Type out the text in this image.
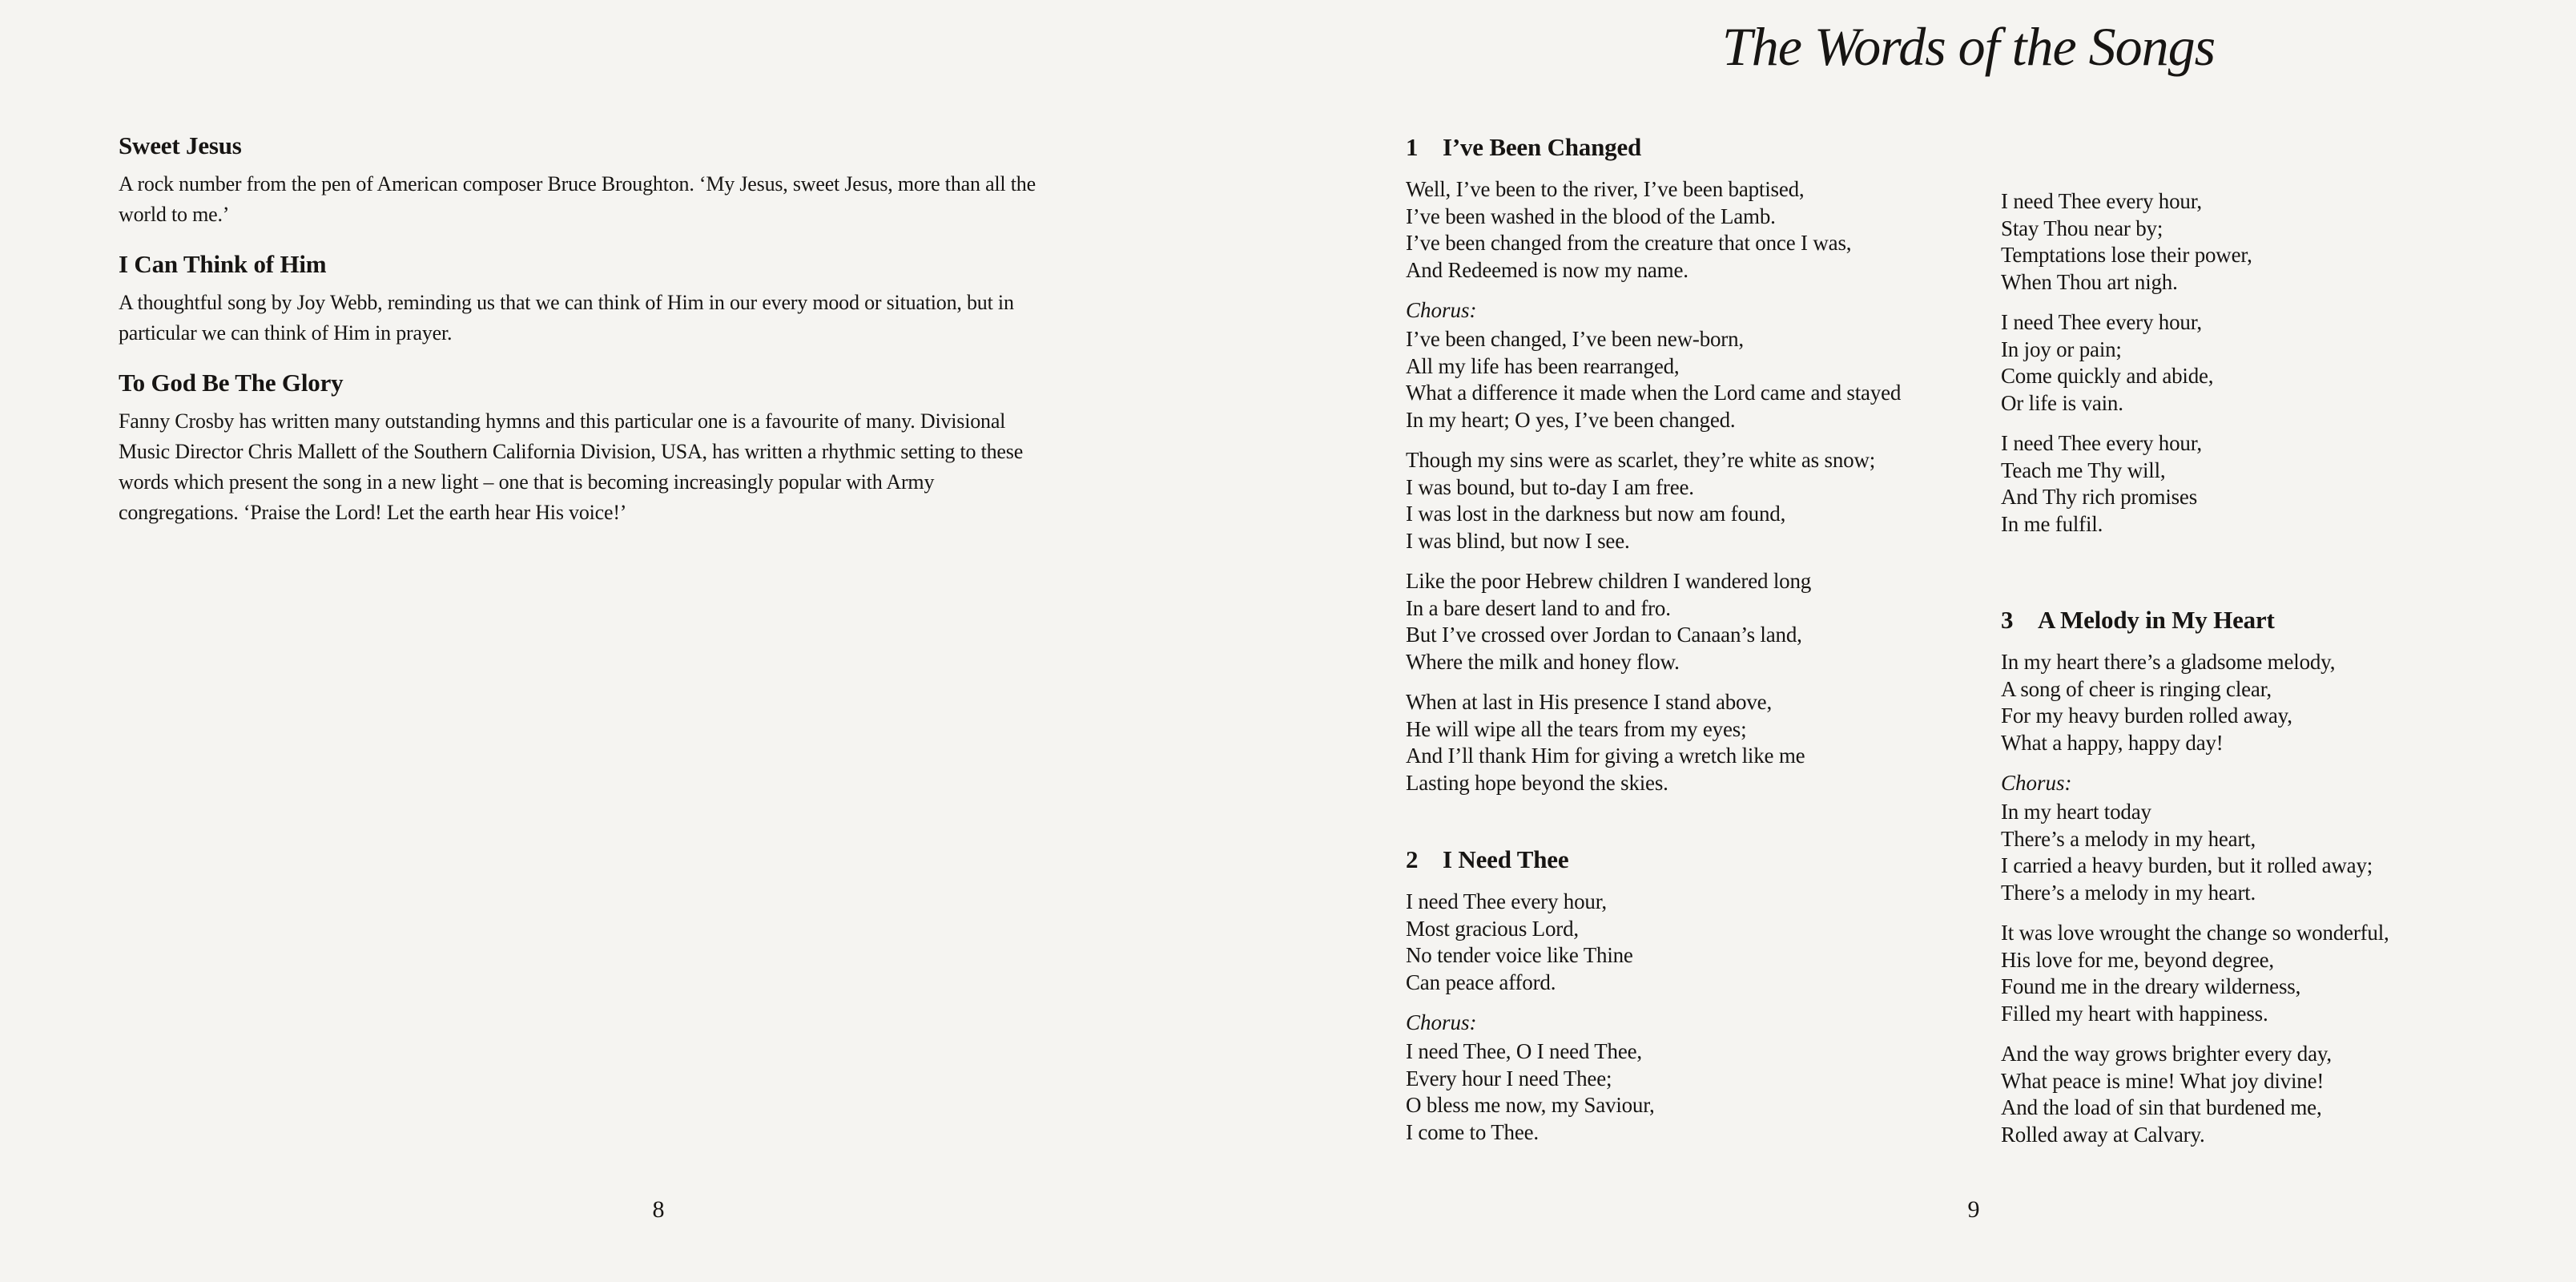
Sweet Jesus
A rock number from the pen of American composer Bruce Broughton. ‘My Jesus, sweet Jesus, more than all the
world to me.’
I Can Think of Him
A thoughtful song by Joy Webb, reminding us that we can think of Him in our every mood or situation, but in
particular we can think of Him in prayer.
To God Be The Glory
Fanny Crosby has written many outstanding hymns and this particular one is a favourite of many. Divisional
Music Director Chris Mallett of the Southern California Division, USA, has written a rhythmic setting to these
words which present the song in a new light – one that is becoming increasingly popular with Army
congregations. ‘Praise the Lord! Let the earth hear His voice!’
The Words of the Songs
1 I’ve Been Changed
Well, I’ve been to the river, I’ve been baptised,
I’ve been washed in the blood of the Lamb.
I’ve been changed from the creature that once I was,
And Redeemed is now my name.
Chorus:
I’ve been changed, I’ve been new-born,
All my life has been rearranged,
What a difference it made when the Lord came and stayed
In my heart; O yes, I’ve been changed.
Though my sins were as scarlet, they’re white as snow;
I was bound, but to-day I am free.
I was lost in the darkness but now am found,
I was blind, but now I see.
Like the poor Hebrew children I wandered long
In a bare desert land to and fro.
But I’ve crossed over Jordan to Canaan’s land,
Where the milk and honey flow.
When at last in His presence I stand above,
He will wipe all the tears from my eyes;
And I’ll thank Him for giving a wretch like me
Lasting hope beyond the skies.
2 I Need Thee
I need Thee every hour,
Most gracious Lord,
No tender voice like Thine
Can peace afford.
Chorus:
I need Thee, O I need Thee,
Every hour I need Thee;
O bless me now, my Saviour,
I come to Thee.
I need Thee every hour,
Stay Thou near by;
Temptations lose their power,
When Thou art nigh.
I need Thee every hour,
In joy or pain;
Come quickly and abide,
Or life is vain.
I need Thee every hour,
Teach me Thy will,
And Thy rich promises
In me fulfil.
3 A Melody in My Heart
In my heart there’s a gladsome melody,
A song of cheer is ringing clear,
For my heavy burden rolled away,
What a happy, happy day!
Chorus:
In my heart today
There’s a melody in my heart,
I carried a heavy burden, but it rolled away;
There’s a melody in my heart.
It was love wrought the change so wonderful,
His love for me, beyond degree,
Found me in the dreary wilderness,
Filled my heart with happiness.
And the way grows brighter every day,
What peace is mine! What joy divine!
And the load of sin that burdened me,
Rolled away at Calvary.
8	9
